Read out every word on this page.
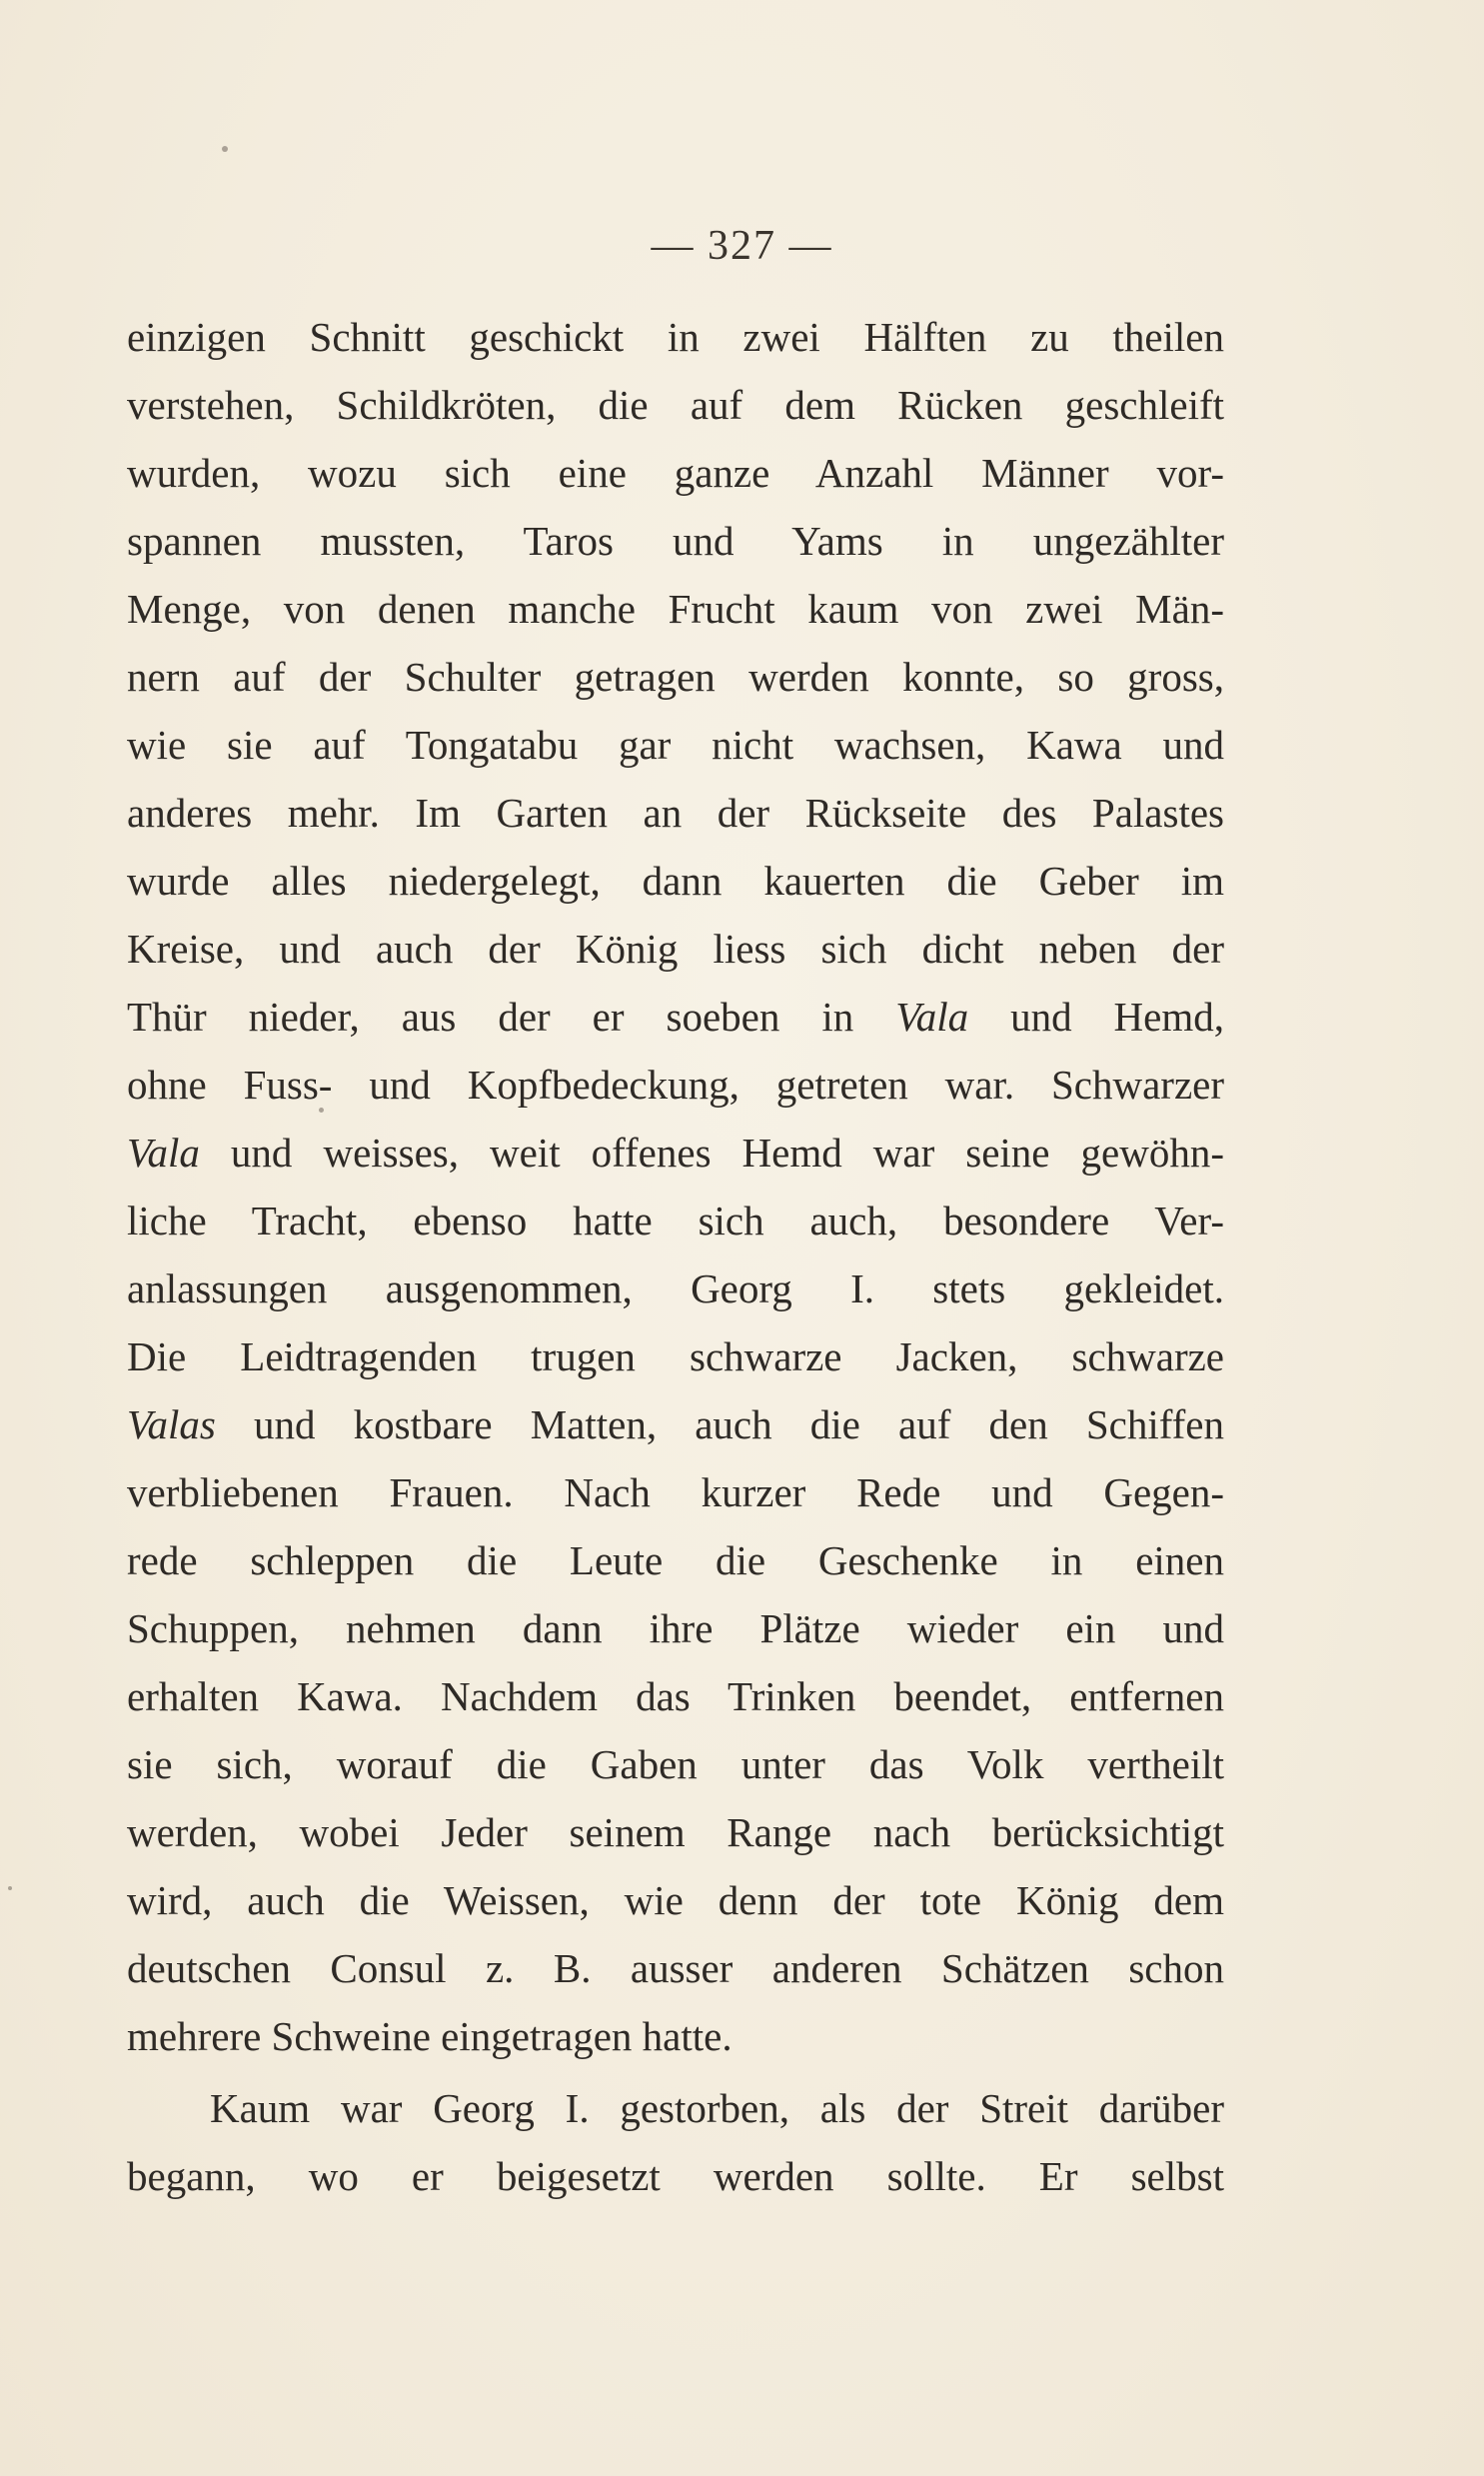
— 327 —
einzigen Schnitt geschickt in zwei Hälften zu theilen
verstehen, Schildkröten, die auf dem Rücken geschleift
wurden, wozu sich eine ganze Anzahl Männer vor-
spannen mussten, Taros und Yams in ungezählter
Menge, von denen manche Frucht kaum von zwei Män-
nern auf der Schulter getragen werden konnte, so gross,
wie sie auf Tongatabu gar nicht wachsen, Kawa und
anderes mehr. Im Garten an der Rückseite des Palastes
wurde alles niedergelegt, dann kauerten die Geber im
Kreise, und auch der König liess sich dicht neben der
Thür nieder, aus der er soeben in Vala und Hemd,
ohne Fuss- und Kopfbedeckung, getreten war. Schwarzer
Vala und weisses, weit offenes Hemd war seine gewöhn-
liche Tracht, ebenso hatte sich auch, besondere Ver-
anlassungen ausgenommen, Georg I. stets gekleidet.
Die Leidtragenden trugen schwarze Jacken, schwarze
Valas und kostbare Matten, auch die auf den Schiffen
verbliebenen Frauen. Nach kurzer Rede und Gegen-
rede schleppen die Leute die Geschenke in einen
Schuppen, nehmen dann ihre Plätze wieder ein und
erhalten Kawa. Nachdem das Trinken beendet, entfernen
sie sich, worauf die Gaben unter das Volk vertheilt
werden, wobei Jeder seinem Range nach berücksichtigt
wird, auch die Weissen, wie denn der tote König dem
deutschen Consul z. B. ausser anderen Schätzen schon
mehrere Schweine eingetragen hatte.
Kaum war Georg I. gestorben, als der Streit darüber
begann, wo er beigesetzt werden sollte. Er selbst
